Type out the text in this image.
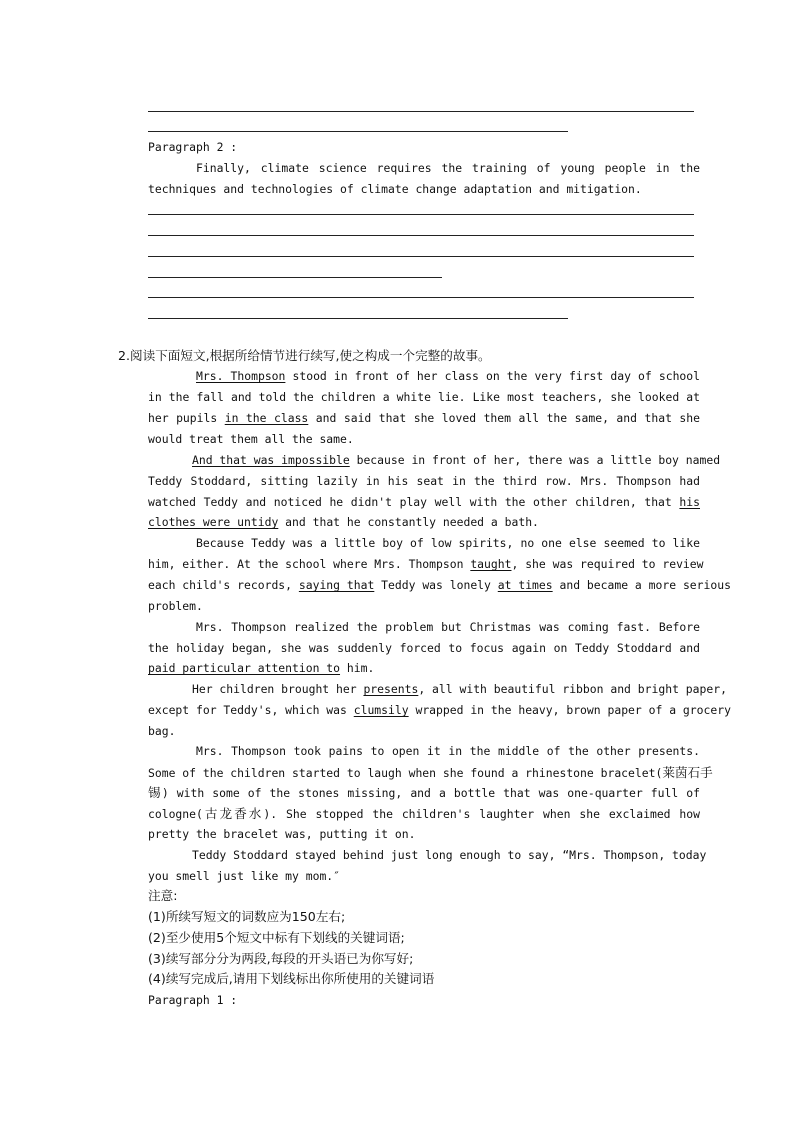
Paragraph 2 :
Finally, climate science requires the training of young people in the
techniques and technologies of climate change adaptation and mitigation.
2.阅读下面短文,根据所给情节进行续写,使之构成一个完整的故事。
Mrs. Thompson stood in front of her class on the very first day of school
in the fall and told the children a white lie. Like most teachers, she looked at
her pupils in the class and said that she loved them all the same, and that she
would treat them all the same.
And that was impossible because in front of her, there was a little boy named
Teddy Stoddard, sitting lazily in his seat in the third row. Mrs. Thompson had
watched Teddy and noticed he didn't play well with the other children, that his
clothes were untidy and that he constantly needed a bath.
Because Teddy was a little boy of low spirits, no one else seemed to like
him, either. At the school where Mrs. Thompson taught, she was required to review
each child's records, saying that Teddy was lonely at times and became a more serious
problem.
Mrs. Thompson realized the problem but Christmas was coming fast. Before
the holiday began, she was suddenly forced to focus again on Teddy Stoddard and
paid particular attention to him.
Her children brought her presents, all with beautiful ribbon and bright paper,
except for Teddy's, which was clumsily wrapped in the heavy, brown paper of a grocery
bag.
Mrs. Thompson took pains to open it in the middle of the other presents.
Some of the children started to laugh when she found a rhinestone bracelet(莱茵石手
锡) with some of the stones missing, and a bottle that was one-quarter full of
cologne(古龙香水). She stopped the children's laughter when she exclaimed how
pretty the bracelet was, putting it on.
Teddy Stoddard stayed behind just long enough to say, “Mrs. Thompson, today
you smell just like my mom.″
注意:
(1)所续写短文的词数应为150左右;
(2)至少使用5个短文中标有下划线的关键词语;
(3)续写部分分为两段,每段的开头语已为你写好;
(4)续写完成后,请用下划线标出你所使用的关键词语
Paragraph 1 :
